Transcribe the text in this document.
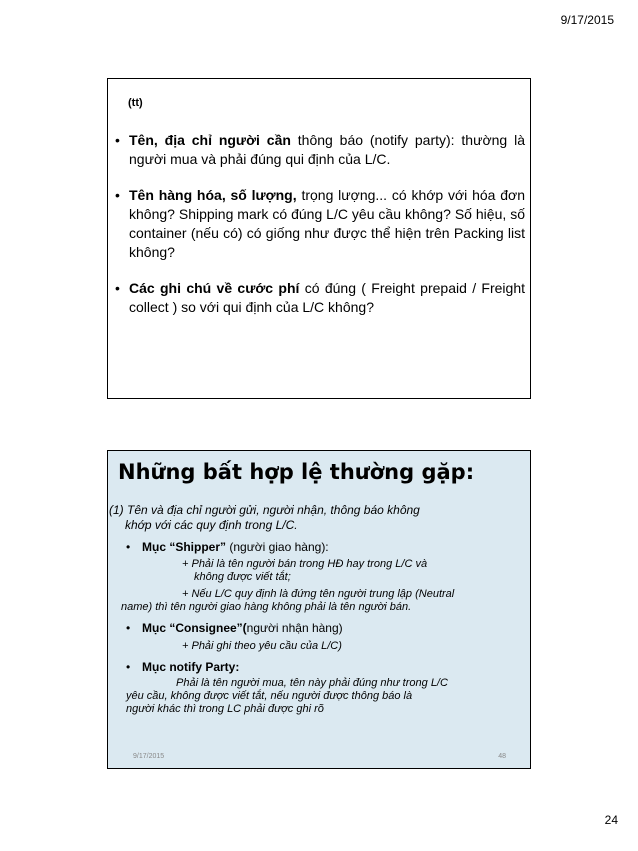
9/17/2015
(tt)
• Tên, địa chỉ người cần thông báo (notify party): thường là người mua và phải đúng qui định của L/C.
• Tên hàng hóa, số lượng, trọng lượng... có khớp với hóa đơn không? Shipping mark có đúng L/C yêu cầu không? Số hiệu, số container (nếu có) có giống như được thể hiện trên Packing list không?
• Các ghi chú về cước phí có đúng ( Freight prepaid / Freight collect ) so với qui định của L/C không?
Những bất hợp lệ thường gặp:
(1) Tên và địa chỉ người gửi, người nhận, thông báo không
khớp với các quy định trong L/C.
• Mục “Shipper” (người giao hàng):
+ Phải là tên người bán trong HĐ hay trong L/C và
không được viết tắt;
+ Nếu L/C quy định là đứng tên người trung lập (Neutral
name) thì tên người giao hàng không phải là tên người bán.
• Mục “Consignee”(người nhận hàng)
+ Phải ghi theo yêu cầu của L/C)
• Mục notify Party:
Phải là tên người mua, tên này phải đúng như trong L/C
yêu cầu, không được viết tắt, nếu người được thông báo là
người khác thì trong LC phải được ghi rõ
9/17/2015	48
24
